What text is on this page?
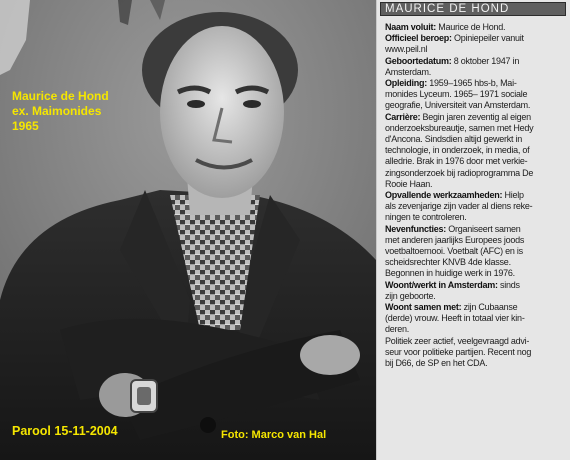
Maurice de Hond
ex. Maimonides
1965
Parool 15-11-2004	Foto: Marco van Hal
MAURICE DE HOND
Naam voluit: Maurice de Hond.
Officieel beroep: Opiniepeiler vanuit
www.peil.nl
Geboortedatum: 8 oktober 1947 in
Amsterdam.
Opleiding: 1959–1965 hbs-b, Mai-
monides Lyceum. 1965– 1971 sociale
geografie, Universiteit van Amsterdam.
Carrière: Begin jaren zeventig al eigen
onderzoeksbureautje, samen met Hedy
d'Ancona. Sindsdien altijd gewerkt in
technologie, in onderzoek, in media, of
alledrie. Brak in 1976 door met verkie-
zingsonderzoek bij radioprogramma De
Rooie Haan.
Opvallende werkzaamheden: Hielp
als zevenjarige zijn vader al diens reke-
ningen te controleren.
Nevenfuncties: Organiseert samen
met anderen jaarlijks Europees joods
voetbaltoernooi. Voetbalt (AFC) en is
scheidsrechter KNVB 4de klasse.
Begonnen in huidige werk in 1976.
Woont/werkt in Amsterdam: sinds
zijn geboorte.
Woont samen met: zijn Cubaanse
(derde) vrouw. Heeft in totaal vier kin-
deren.
Politiek zeer actief, veelgevraagd advi-
seur voor politieke partijen. Recent nog
bij D66, de SP en het CDA.
